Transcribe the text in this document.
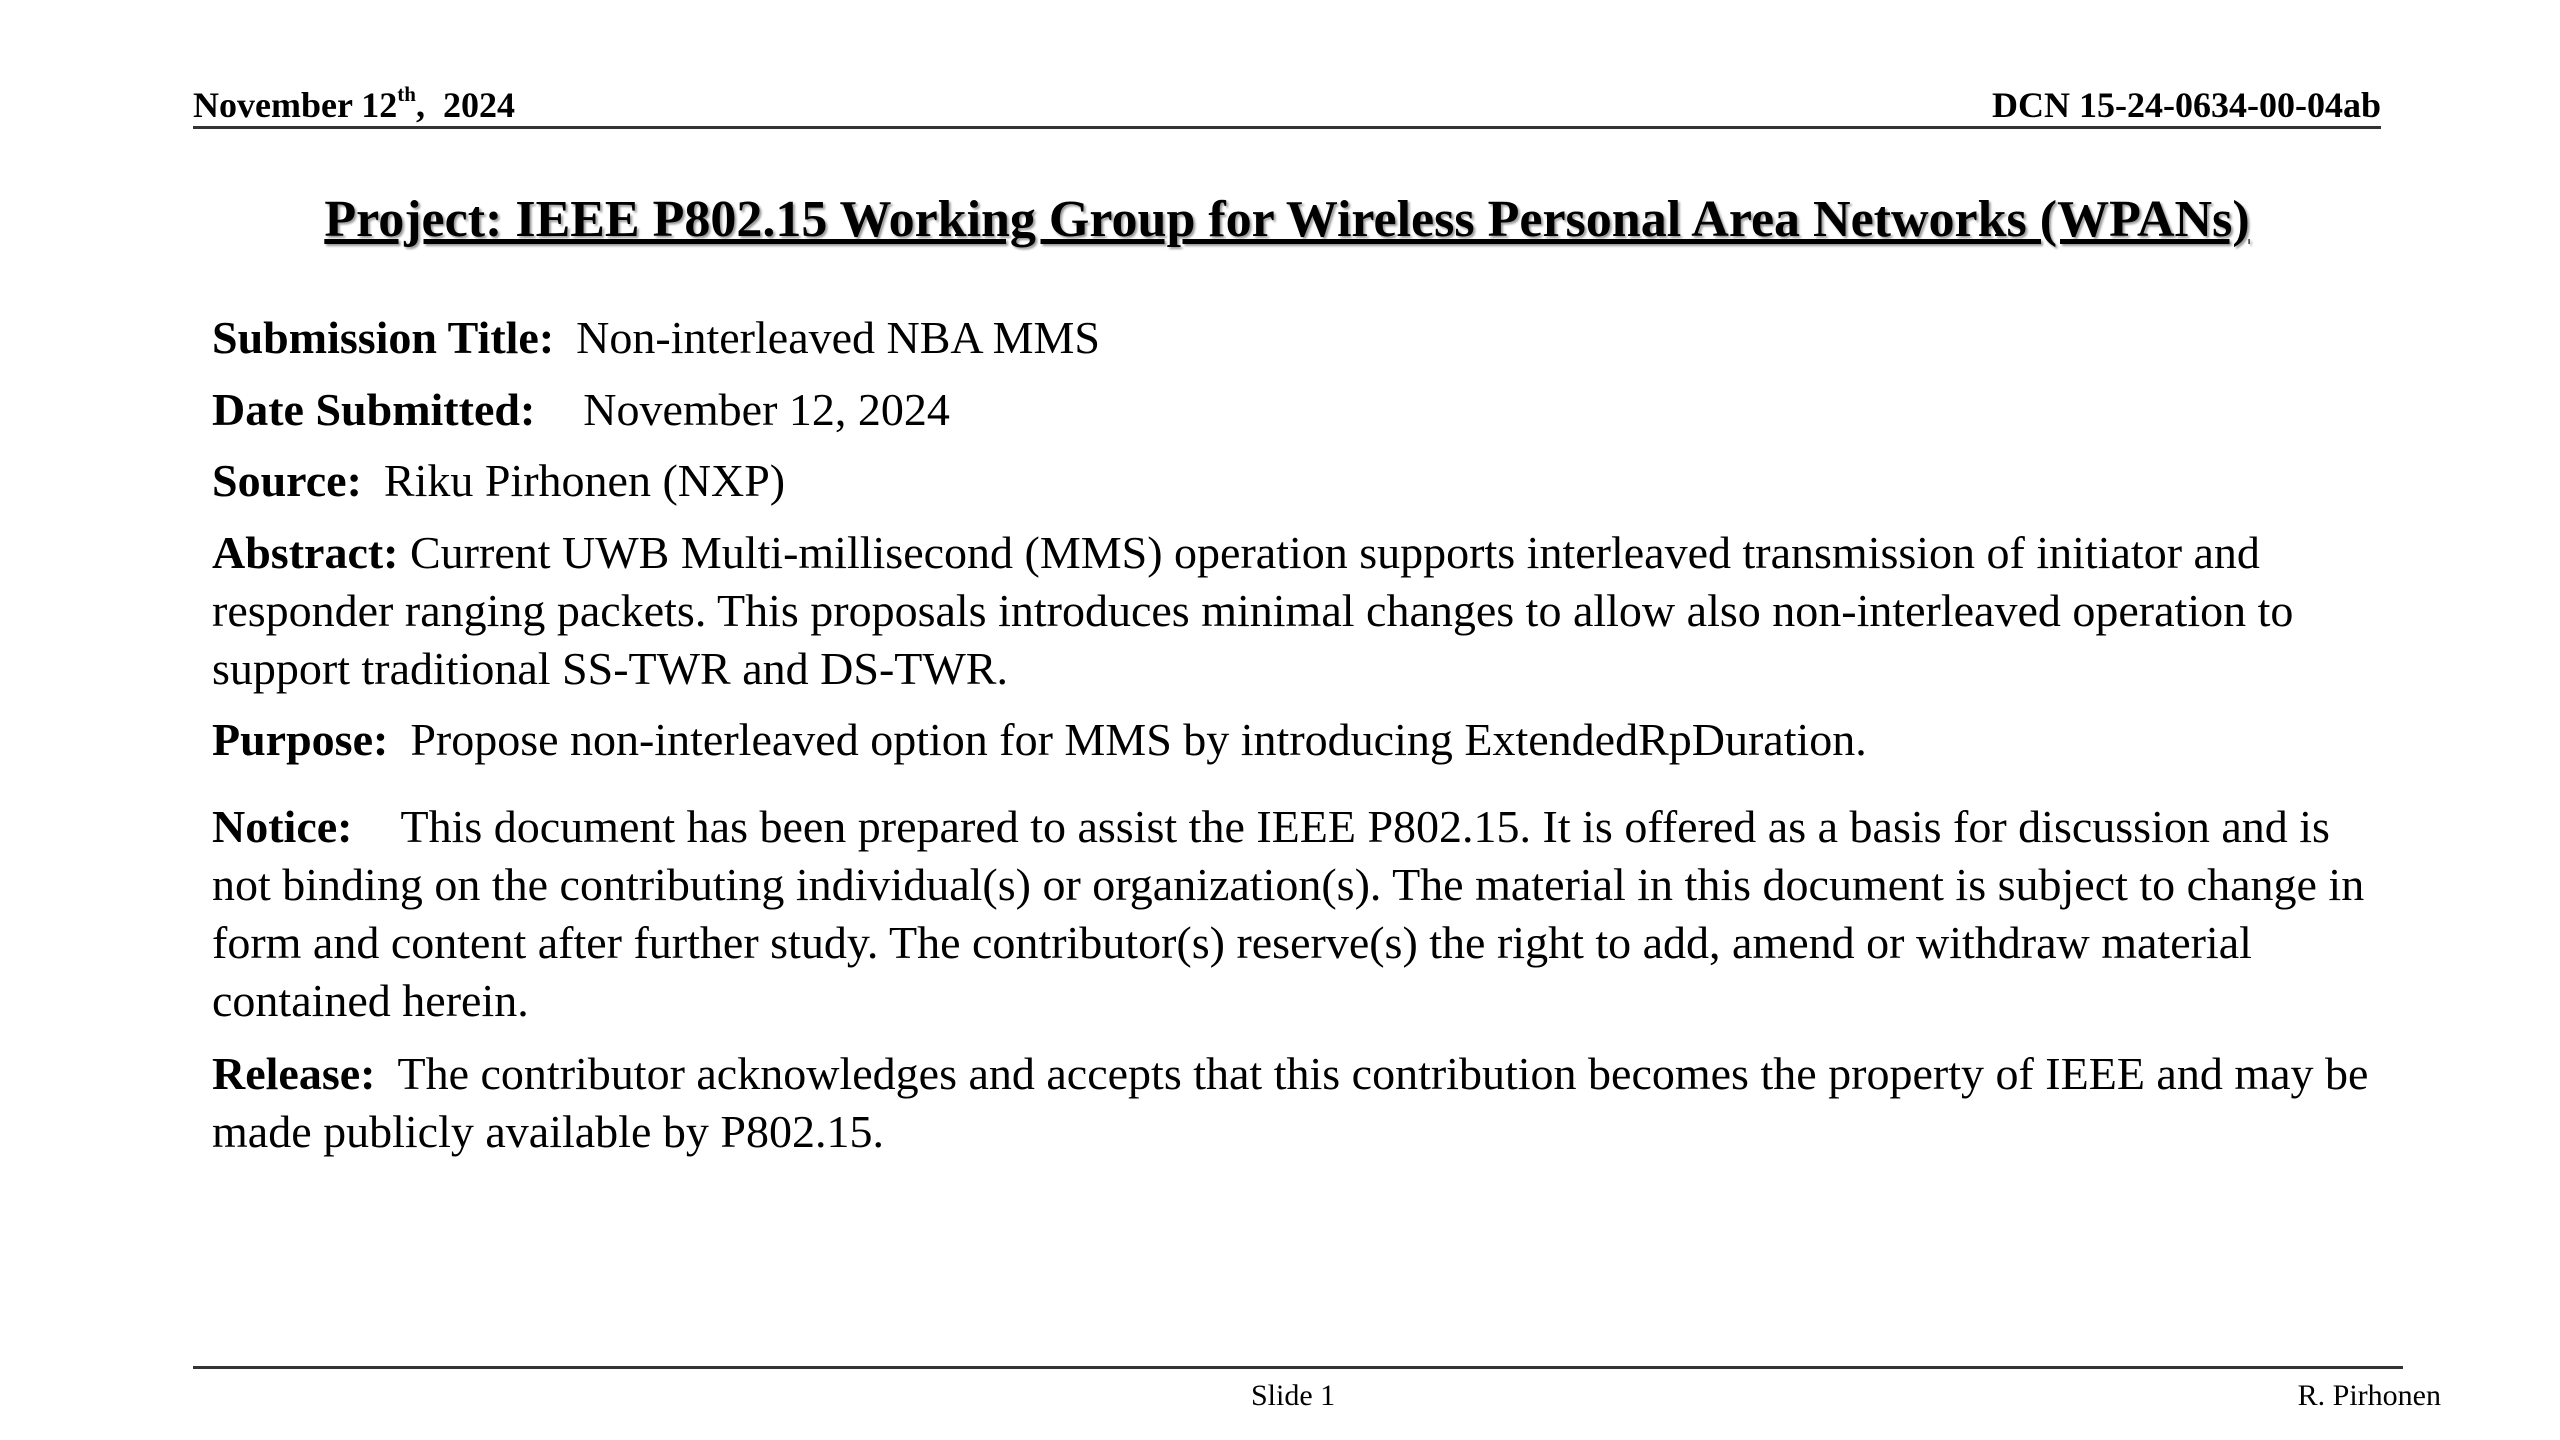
November 12th,  2024	DCN 15-24-0634-00-04ab
Project: IEEE P802.15 Working Group for Wireless Personal Area Networks (WPANs)
Submission Title: Non-interleaved NBA MMS
Date Submitted: November 12, 2024
Source: Riku Pirhonen (NXP)
Abstract: Current UWB Multi-millisecond (MMS) operation supports interleaved transmission of initiator and responder ranging packets. This proposals introduces minimal changes to allow also non-interleaved operation to support traditional SS-TWR and DS-TWR.
Purpose: Propose non-interleaved option for MMS by introducing ExtendedRpDuration.
Notice: This document has been prepared to assist the IEEE P802.15. It is offered as a basis for discussion and is not binding on the contributing individual(s) or organization(s). The material in this document is subject to change in form and content after further study. The contributor(s) reserve(s) the right to add, amend or withdraw material contained herein.
Release: The contributor acknowledges and accepts that this contribution becomes the property of IEEE and may be made publicly available by P802.15.
Slide 1	R. Pirhonen
